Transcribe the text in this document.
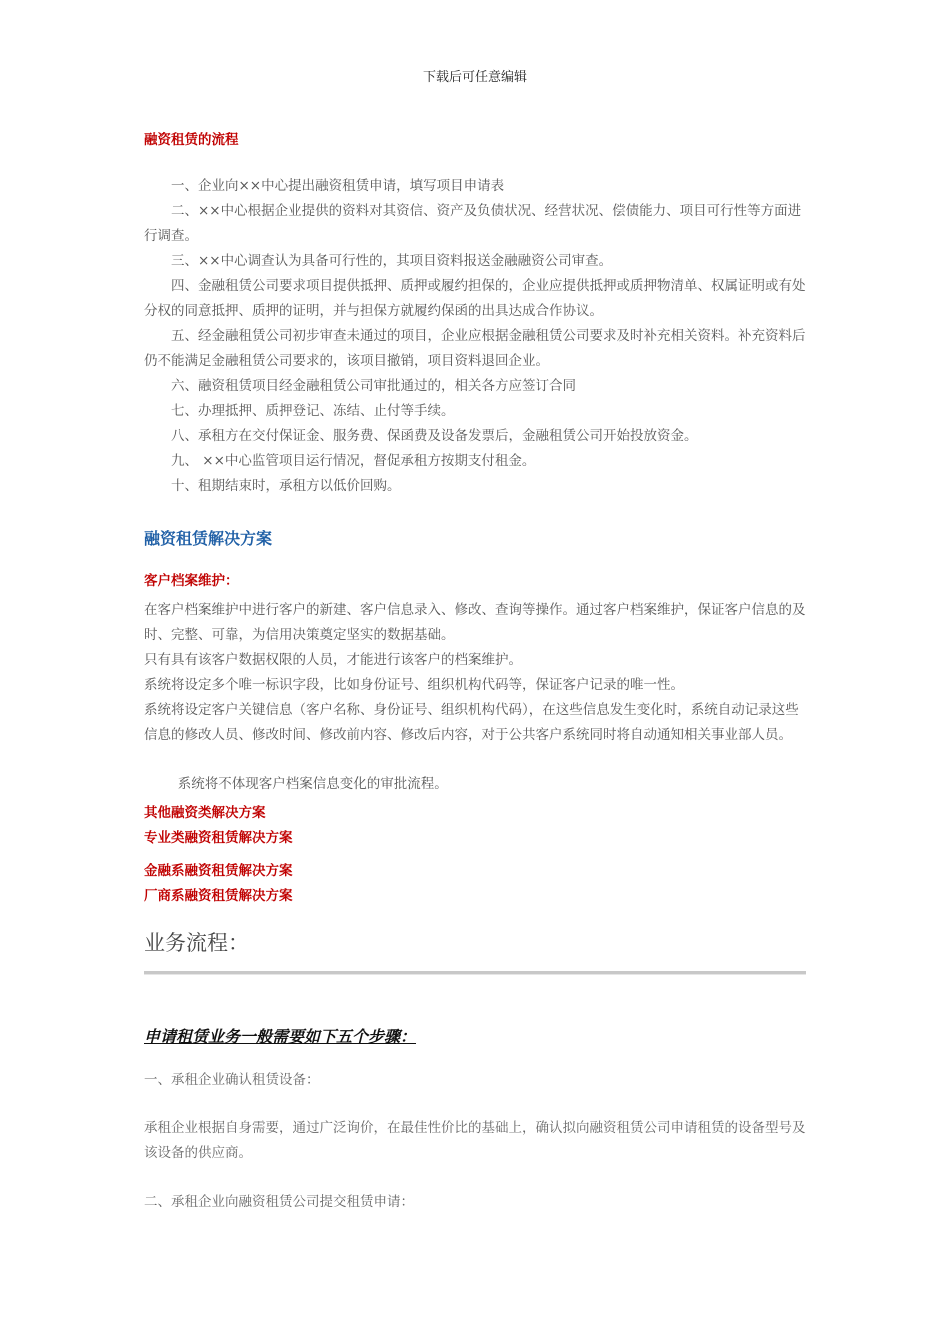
下载后可任意编辑
融资租赁的流程
一、企业向××中心提出融资租赁申请，填写项目申请表
二、××中心根据企业提供的资料对其资信、资产及负债状况、经营状况、偿债能力、项目可行性等方面进行调查。
三、××中心调查认为具备可行性的，其项目资料报送金融融资公司审查。
四、金融租赁公司要求项目提供抵押、质押或履约担保的，企业应提供抵押或质押物清单、权属证明或有处分权的同意抵押、质押的证明，并与担保方就履约保函的出具达成合作协议。
五、经金融租赁公司初步审查未通过的项目，企业应根据金融租赁公司要求及时补充相关资料。补充资料后仍不能满足金融租赁公司要求的，该项目撤销，项目资料退回企业。
六、融资租赁项目经金融租赁公司审批通过的，相关各方应签订合同
七、办理抵押、质押登记、冻结、止付等手续。
八、承租方在交付保证金、服务费、保函费及设备发票后，金融租赁公司开始投放资金。
九、 ××中心监管项目运行情况，督促承租方按期支付租金。
十、租期结束时，承租方以低价回购。
融资租赁解决方案
客户档案维护：
在客户档案维护中进行客户的新建、客户信息录入、修改、查询等操作。通过客户档案维护，保证客户信息的及时、完整、可靠，为信用决策奠定坚实的数据基础。
只有具有该客户数据权限的人员，才能进行该客户的档案维护。
系统将设定多个唯一标识字段，比如身份证号、组织机构代码等，保证客户记录的唯一性。
系统将设定客户关键信息（客户名称、身份证号、组织机构代码），在这些信息发生变化时，系统自动记录这些信息的修改人员、修改时间、修改前内容、修改后内容，对于公共客户系统同时将自动通知相关事业部人员。
系统将不体现客户档案信息变化的审批流程。
其他融资类解决方案
专业类融资租赁解决方案
金融系融资租赁解决方案
厂商系融资租赁解决方案
业务流程：
申请租赁业务一般需要如下五个步骤：
一、承租企业确认租赁设备：
承租企业根据自身需要，通过广泛询价，在最佳性价比的基础上，确认拟向融资租赁公司申请租赁的设备型号及该设备的供应商。
二、承租企业向融资租赁公司提交租赁申请：
